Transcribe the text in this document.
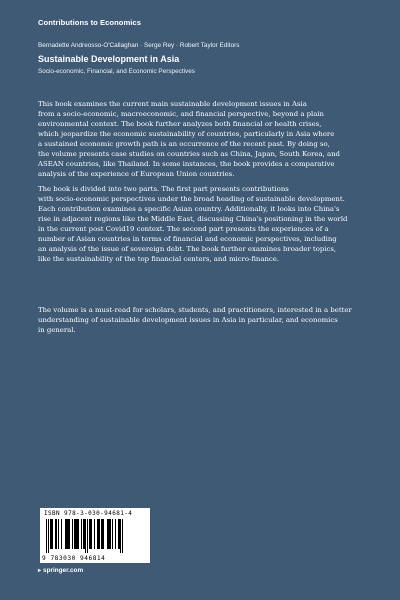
Contributions to Economics
Bernadette Andreosso-O'Callaghan · Serge Rey · Robert Taylor Editors
Sustainable Development in Asia
Socio-economic, Financial, and Economic Perspectives
This book examines the current main sustainable development issues in Asia
from a socio-economic, macroeconomic, and financial perspective, beyond a plain
environmental context. The book further analyzes both financial or health crises,
which jeopardize the economic sustainability of countries, particularly in Asia where
a sustained economic growth path is an occurrence of the recent past. By doing so,
the volume presents case studies on countries such as China, Japan, South Korea, and
ASEAN countries, like Thailand. In some instances, the book provides a comparative
analysis of the experience of European Union countries.
The book is divided into two parts. The first part presents contributions
with socio-economic perspectives under the broad heading of sustainable development.
Each contribution examines a specific Asian country. Additionally, it looks into China's
rise in adjacent regions like the Middle East, discussing China's positioning in the world
in the current post Covid19 context. The second part presents the experiences of a
number of Asian countries in terms of financial and economic perspectives, including
an analysis of the issue of sovereign debt. The book further examines broader topics,
like the sustainability of the top financial centers, and micro-finance.
The volume is a must-read for scholars, students, and practitioners, interested in a better
understanding of sustainable development issues in Asia in particular, and economics
in general.
ISBN 978-3-030-94681-4
9 783030 946814
▸ springer.com
